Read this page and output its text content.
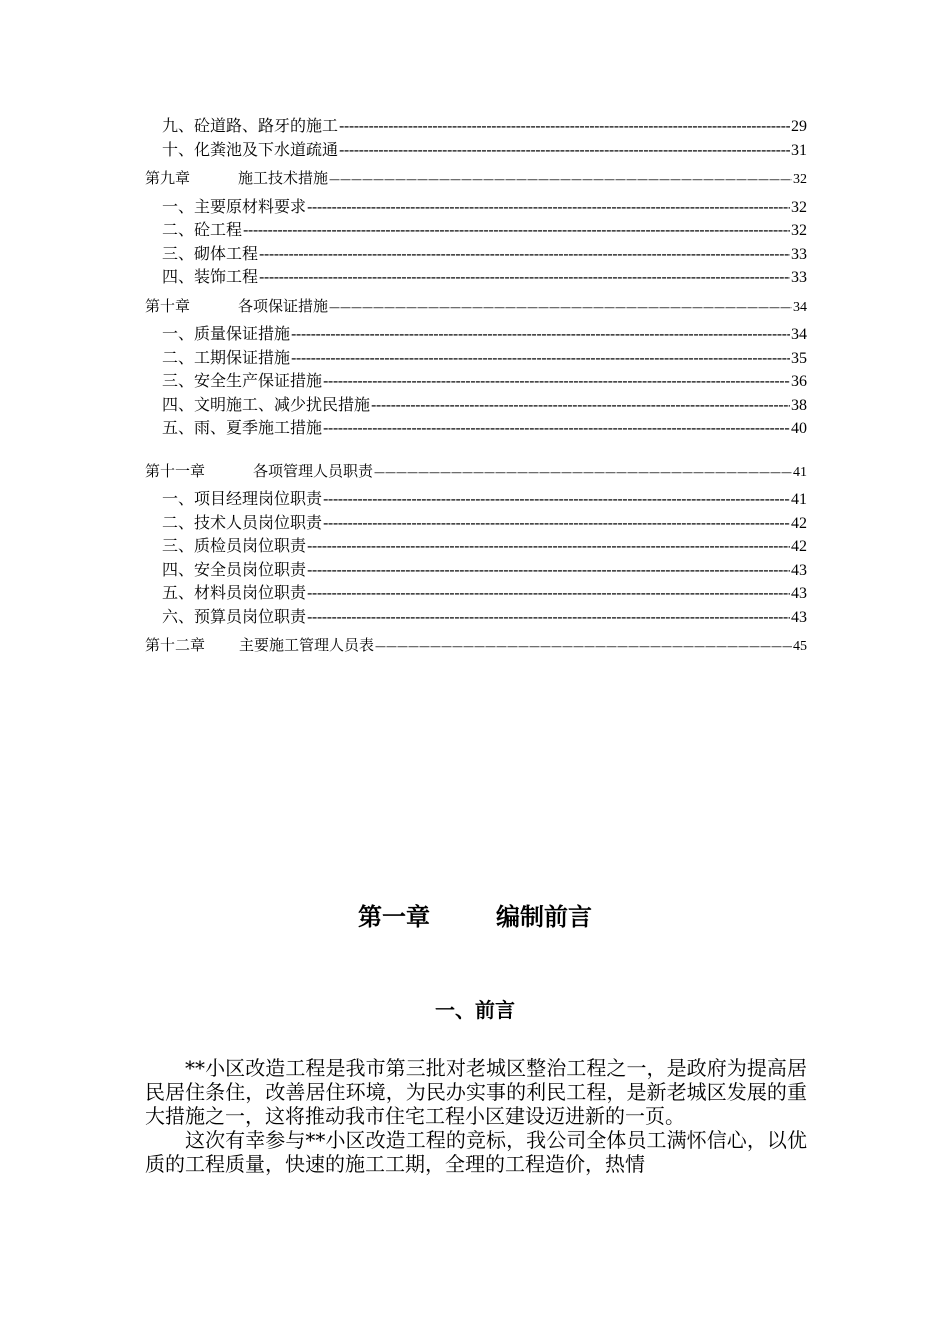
九、砼道路、路牙的施工 -----	29
十、化粪池及下水道疏通 -----	31
第九章	施工技术措施 —————	32
一、主要原材料要求 -----	32
二、砼工程 -----	32
三、砌体工程 -----	33
四、装饰工程 -----	33
第十章	各项保证措施 —————	34
一、质量保证措施 -----	34
二、工期保证措施 -----	35
三、安全生产保证措施 -----	36
四、文明施工、减少扰民措施 -----	38
五、雨、夏季施工措施 -----	40
第十一章	各项管理人员职责 —————	41
一、项目经理岗位职责 -----	41
二、技术人员岗位职责 -----	42
三、质检员岗位职责 -----	42
四、安全员岗位职责 -----	43
五、材料员岗位职责 -----	43
六、预算员岗位职责 -----	43
第十二章 主要施工管理人员表 —————	45
第一章	编制前言
一、前言

**小区改造工程是我市第三批对老城区整治工程之一，是政府为提高居民居住条住，改善居住环境，为民办实事的利民工程，是新老城区发展的重大措施之一，这将推动我市住宅工程小区建设迈进新的一页。

这次有幸参与**小区改造工程的竞标，我公司全体员工满怀信心，以优质的工程质量，快速的施工工期，全理的工程造价，热情
